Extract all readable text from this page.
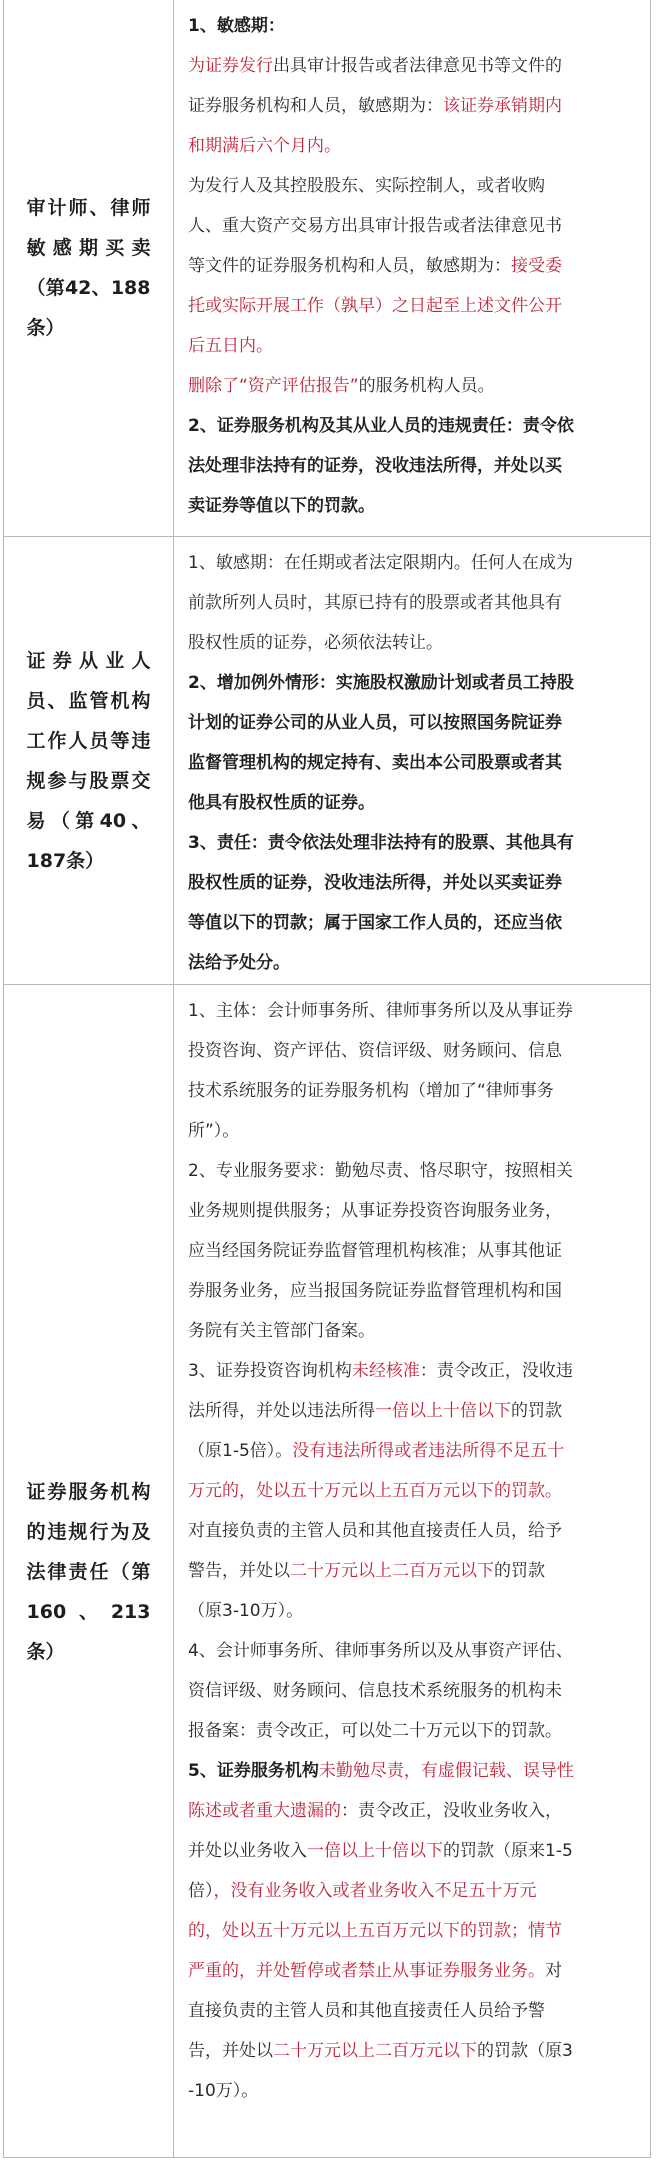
审计师、律师敏感期买卖（第42、188条）
1、敏感期：
为证券发行出具审计报告或者法律意见书等文件的
证券服务机构和人员，敏感期为：该证券承销期内
和期满后六个月内。
为发行人及其控股股东、实际控制人，或者收购
人、重大资产交易方出具审计报告或者法律意见书
等文件的证券服务机构和人员，敏感期为：接受委
托或实际开展工作（孰早）之日起至上述文件公开
后五日内。
删除了“资产评估报告”的服务机构人员。
2、证券服务机构及其从业人员的违规责任：责令依
法处理非法持有的证券，没收违法所得，并处以买
卖证券等值以下的罚款。
证券从业人员、监管机构工作人员等违规参与股票交易（第40、187条）
1、敏感期：在任期或者法定限期内。任何人在成为
前款所列人员时，其原已持有的股票或者其他具有
股权性质的证券，必须依法转让。
2、增加例外情形：实施股权激励计划或者员工持股
计划的证券公司的从业人员，可以按照国务院证券
监督管理机构的规定持有、卖出本公司股票或者其
他具有股权性质的证券。
3、责任：责令依法处理非法持有的股票、其他具有
股权性质的证券，没收违法所得，并处以买卖证券
等值以下的罚款；属于国家工作人员的，还应当依
法给予处分。
证券服务机构的违规行为及法律责任（第160、213条）
1、主体：会计师事务所、律师事务所以及从事证券
投资咨询、资产评估、资信评级、财务顾问、信息
技术系统服务的证券服务机构（增加了“律师事务
所”）。
2、专业服务要求：勤勉尽责、恪尽职守，按照相关
业务规则提供服务；从事证券投资咨询服务业务，
应当经国务院证券监督管理机构核准；从事其他证
券服务业务，应当报国务院证券监督管理机构和国
务院有关主管部门备案。
3、证券投资咨询机构未经核准：责令改正，没收违
法所得，并处以违法所得一倍以上十倍以下的罚款
（原1-5倍）。没有违法所得或者违法所得不足五十
万元的，处以五十万元以上五百万元以下的罚款。
对直接负责的主管人员和其他直接责任人员，给予
警告，并处以二十万元以上二百万元以下的罚款
（原3-10万）。
4、会计师事务所、律师事务所以及从事资产评估、
资信评级、财务顾问、信息技术系统服务的机构未
报备案：责令改正，可以处二十万元以下的罚款。
5、证券服务机构未勤勉尽责，有虚假记载、误导性
陈述或者重大遗漏的：责令改正，没收业务收入，
并处以业务收入一倍以上十倍以下的罚款（原来1-5
倍），没有业务收入或者业务收入不足五十万元
的，处以五十万元以上五百万元以下的罚款；情节
严重的，并处暂停或者禁止从事证券服务业务。对
直接负责的主管人员和其他直接责任人员给予警
告，并处以二十万元以上二百万元以下的罚款（原3
-10万）。
